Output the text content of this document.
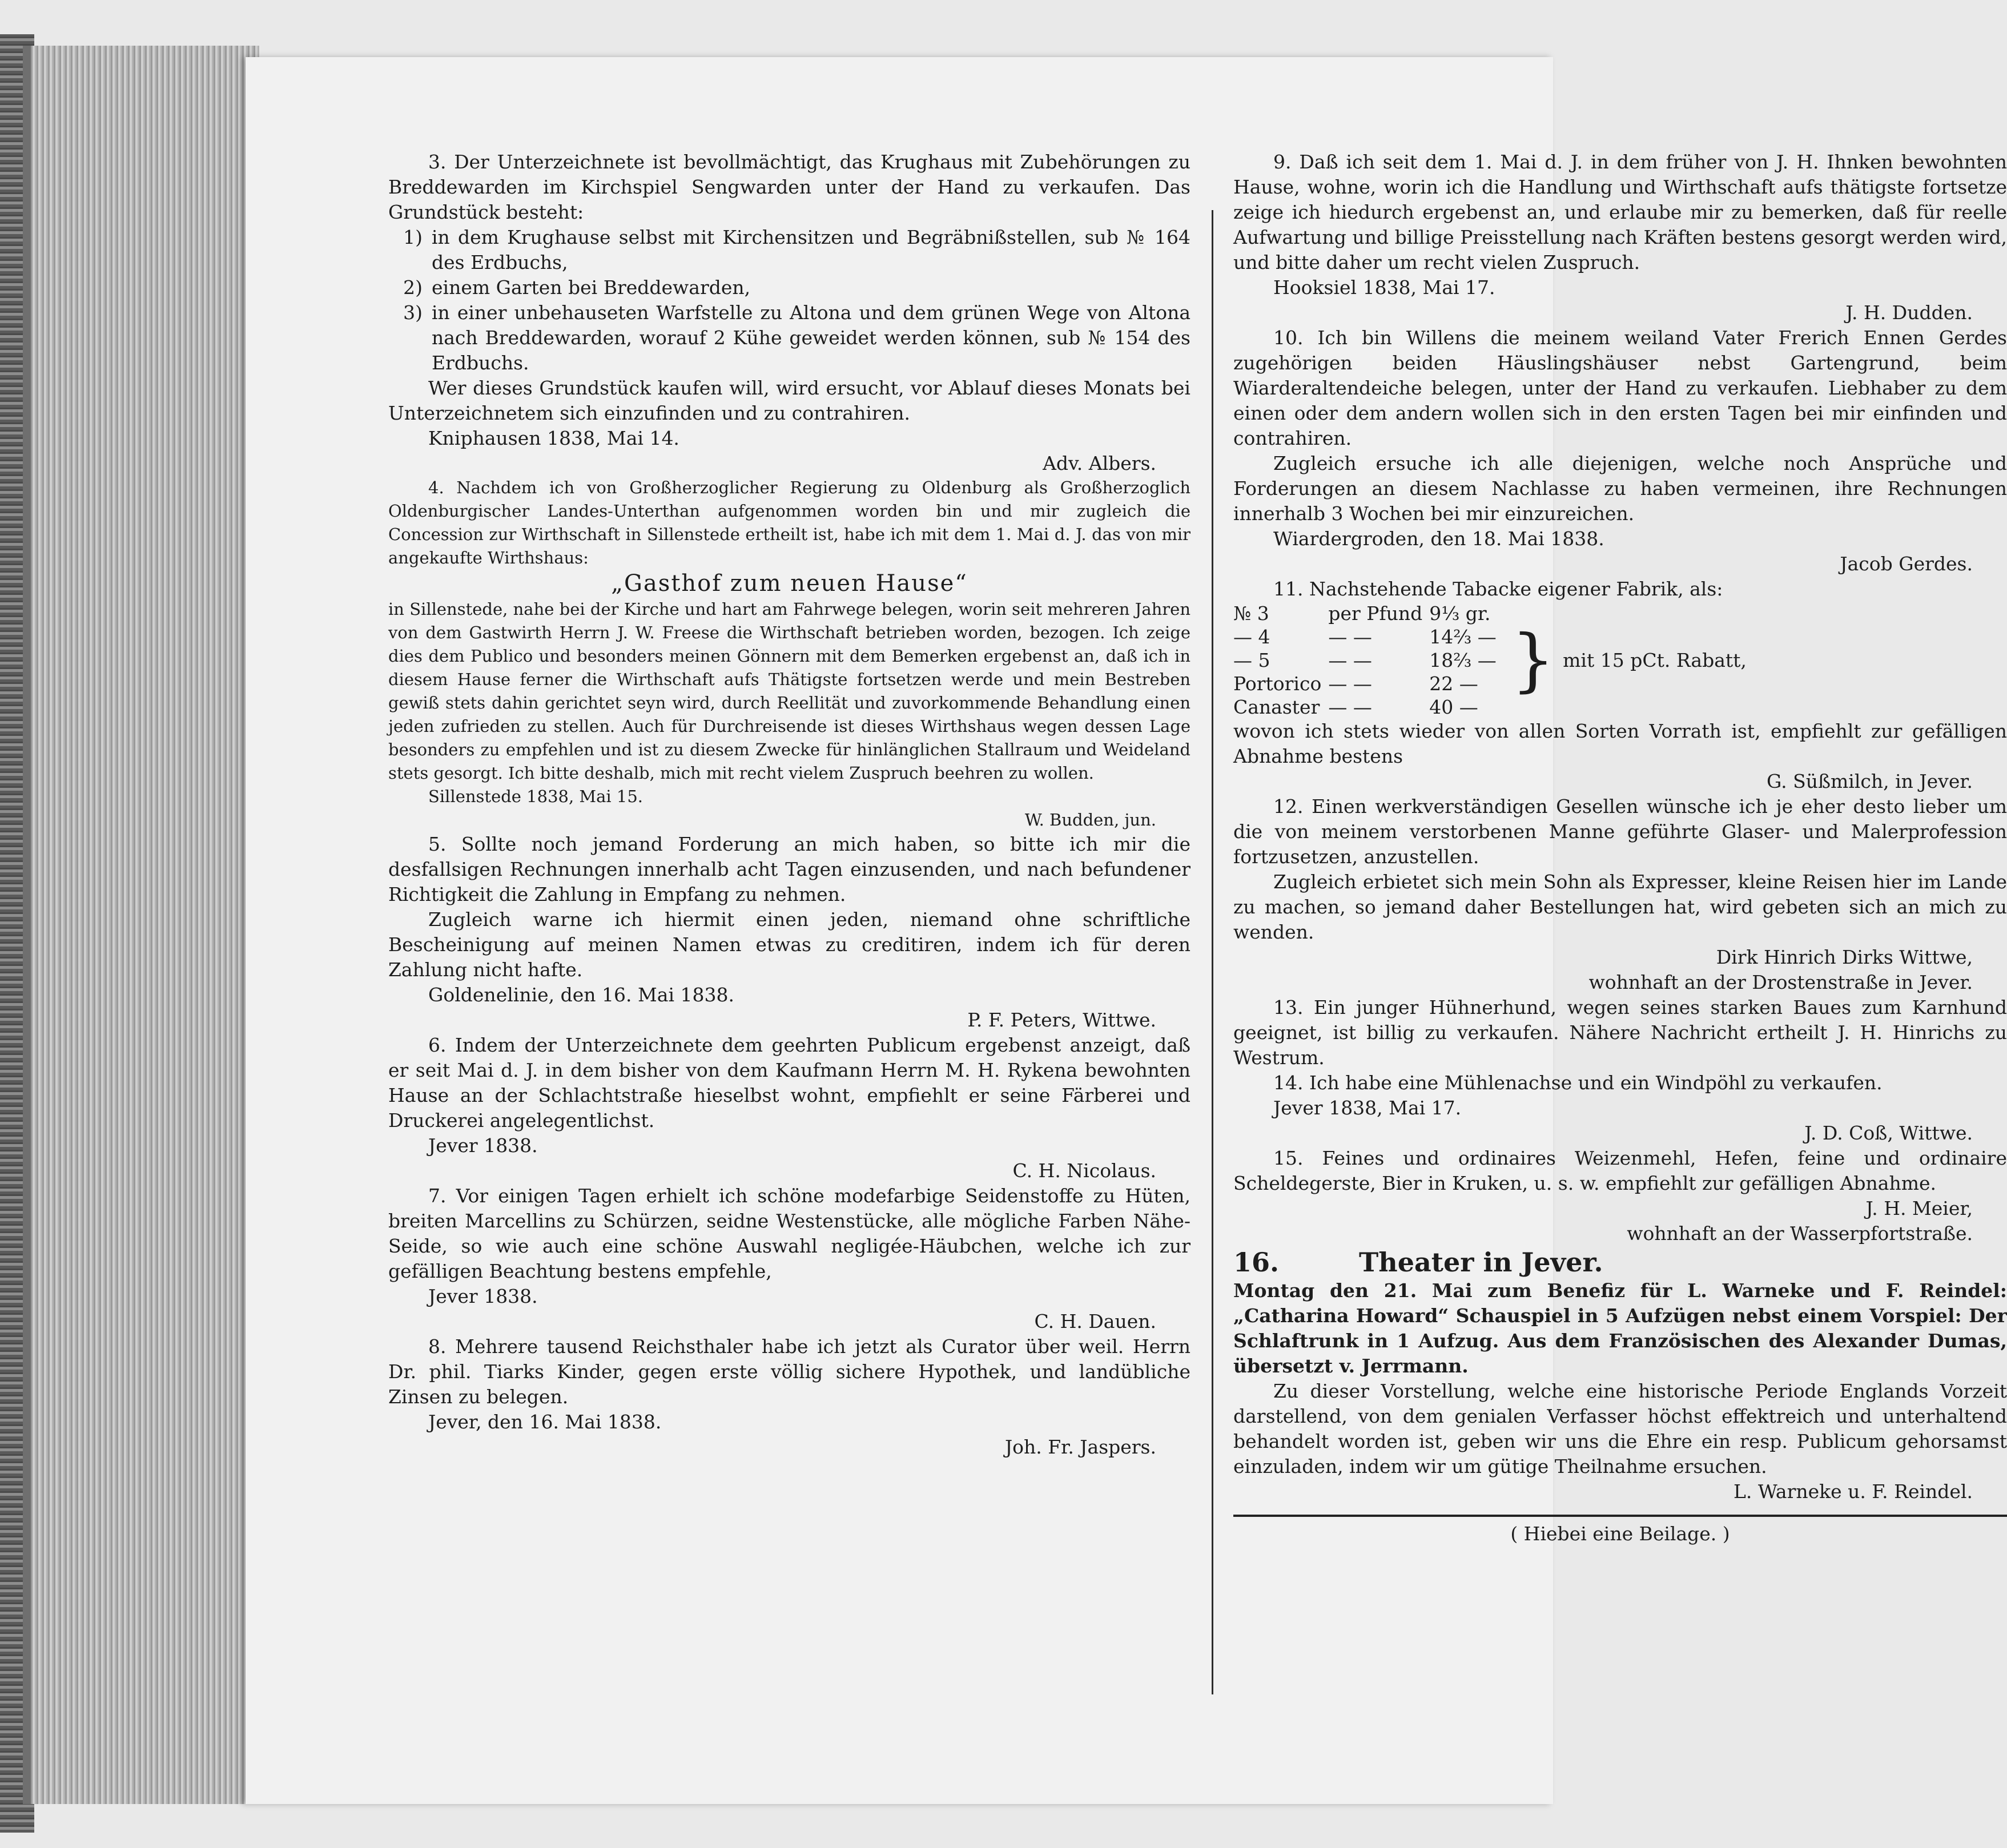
3. Der Unterzeichnete ist bevollmächtigt, das Krughaus mit Zubehörungen zu Breddewarden im Kirchspiel Sengwarden unter der Hand zu verkaufen. Das Grundstück besteht:

1) in dem Krughause selbst mit Kirchensitzen und Begräbnißstellen, sub № 164 des Erdbuchs,
2) einem Garten bei Breddewarden,
3) in einer unbehauseten Warfstelle zu Altona und dem grünen Wege von Altona nach Breddewarden, worauf 2 Kühe geweidet werden können, sub № 154 des Erdbuchs.

Wer dieses Grundstück kaufen will, wird ersucht, vor Ablauf dieses Monats bei Unterzeichnetem sich einzufinden und zu contrahiren.

Kniphausen 1838, Mai 14.

Adv. Albers.

4. Nachdem ich von Großherzoglicher Regierung zu Oldenburg als Großherzoglich Oldenburgischer Landes-Unterthan aufgenommen worden bin und mir zugleich die Concession zur Wirthschaft in Sillenstede ertheilt ist, habe ich mit dem 1. Mai d. J. das von mir angekaufte Wirthshaus:

„Gasthof zum neuen Hause“

in Sillenstede, nahe bei der Kirche und hart am Fahrwege belegen, worin seit mehreren Jahren von dem Gastwirth Herrn J. W. Freese die Wirthschaft betrieben worden, bezogen. Ich zeige dies dem Publico und besonders meinen Gönnern mit dem Bemerken ergebenst an, daß ich in diesem Hause ferner die Wirthschaft aufs Thätigste fortsetzen werde und mein Bestreben gewiß stets dahin gerichtet seyn wird, durch Reellität und zuvorkommende Behandlung einen jeden zufrieden zu stellen. Auch für Durchreisende ist dieses Wirthshaus wegen dessen Lage besonders zu empfehlen und ist zu diesem Zwecke für hinlänglichen Stallraum und Weideland stets gesorgt. Ich bitte deshalb, mich mit recht vielem Zuspruch beehren zu wollen.

Sillenstede 1838, Mai 15.

W. Budden, jun.

5. Sollte noch jemand Forderung an mich haben, so bitte ich mir die desfallsigen Rechnungen innerhalb acht Tagen einzusenden, und nach befundener Richtigkeit die Zahlung in Empfang zu nehmen.

Zugleich warne ich hiermit einen jeden, niemand ohne schriftliche Bescheinigung auf meinen Namen etwas zu creditiren, indem ich für deren Zahlung nicht hafte.

Goldenelinie, den 16. Mai 1838.

P. F. Peters, Wittwe.

6. Indem der Unterzeichnete dem geehrten Publicum ergebenst anzeigt, daß er seit Mai d. J. in dem bisher von dem Kaufmann Herrn M. H. Rykena bewohnten Hause an der Schlachtstraße hieselbst wohnt, empfiehlt er seine Färberei und Druckerei angelegentlichst.

Jever 1838.

C. H. Nicolaus.

7. Vor einigen Tagen erhielt ich schöne modefarbige Seidenstoffe zu Hüten, breiten Marcellins zu Schürzen, seidne Westenstücke, alle mögliche Farben Nähe-Seide, so wie auch eine schöne Auswahl negligée-Häubchen, welche ich zur gefälligen Beachtung bestens empfehle,

Jever 1838.

C. H. Dauen.

8. Mehrere tausend Reichsthaler habe ich jetzt als Curator über weil. Herrn Dr. phil. Tiarks Kinder, gegen erste völlig sichere Hypothek, und landübliche Zinsen zu belegen.

Jever, den 16. Mai 1838.

Joh. Fr. Jaspers.

9. Daß ich seit dem 1. Mai d. J. in dem früher von J. H. Ihnken bewohnten Hause, wohne, worin ich die Handlung und Wirthschaft aufs thätigste fortsetze zeige ich hiedurch ergebenst an, und erlaube mir zu bemerken, daß für reelle Aufwartung und billige Preisstellung nach Kräften bestens gesorgt werden wird, und bitte daher um recht vielen Zuspruch.

Hooksiel 1838, Mai 17.

J. H. Dudden.

10. Ich bin Willens die meinem weiland Vater Frerich Ennen Gerdes zugehörigen beiden Häuslingshäuser nebst Gartengrund, beim Wiarderaltendeiche belegen, unter der Hand zu verkaufen. Liebhaber zu dem einen oder dem andern wollen sich in den ersten Tagen bei mir einfinden und contrahiren.

Zugleich ersuche ich alle diejenigen, welche noch Ansprüche und Forderungen an diesem Nachlasse zu haben vermeinen, ihre Rechnungen innerhalb 3 Wochen bei mir einzureichen.

Wiardergroden, den 18. Mai 1838.

Jacob Gerdes.

11. Nachstehende Tabacke eigener Fabrik, als:

№ 3	per Pfund	9⅓ gr.
— 4	— —	14⅔ —
— 5	— —	18⅔ —
Portorico	— —	22 —
Canaster	— —	40 —
} mit 15 pCt. Rabatt,

wovon ich stets wieder von allen Sorten Vorrath ist, empfiehlt zur gefälligen Abnahme bestens

G. Süßmilch, in Jever.

12. Einen werkverständigen Gesellen wünsche ich je eher desto lieber um die von meinem verstorbenen Manne geführte Glaser- und Malerprofession fortzusetzen, anzustellen.

Zugleich erbietet sich mein Sohn als Expresser, kleine Reisen hier im Lande zu machen, so jemand daher Bestellungen hat, wird gebeten sich an mich zu wenden.

Dirk Hinrich Dirks Wittwe,

wohnhaft an der Drostenstraße in Jever.

13. Ein junger Hühnerhund, wegen seines starken Baues zum Karnhund geeignet, ist billig zu verkaufen. Nähere Nachricht ertheilt J. H. Hinrichs zu Westrum.

14. Ich habe eine Mühlenachse und ein Windpöhl zu verkaufen.

Jever 1838, Mai 17.

J. D. Coß, Wittwe.

15. Feines und ordinaires Weizenmehl, Hefen, feine und ordinaire Scheldegerste, Bier in Kruken, u. s. w. empfiehlt zur gefälligen Abnahme.

J. H. Meier,

wohnhaft an der Wasserpfortstraße.

16.	Theater in Jever.

Montag den 21. Mai zum Benefiz für L. Warneke und F. Reindel: „Catharina Howard“ Schauspiel in 5 Aufzügen nebst einem Vorspiel: Der Schlaftrunk in 1 Aufzug. Aus dem Französischen des Alexander Dumas, übersetzt v. Jerrmann.

Zu dieser Vorstellung, welche eine historische Periode Englands Vorzeit darstellend, von dem genialen Verfasser höchst effektreich und unterhaltend behandelt worden ist, geben wir uns die Ehre ein resp. Publicum gehorsamst einzuladen, indem wir um gütige Theilnahme ersuchen.

L. Warneke u. F. Reindel.

( Hiebei eine Beilage. )
